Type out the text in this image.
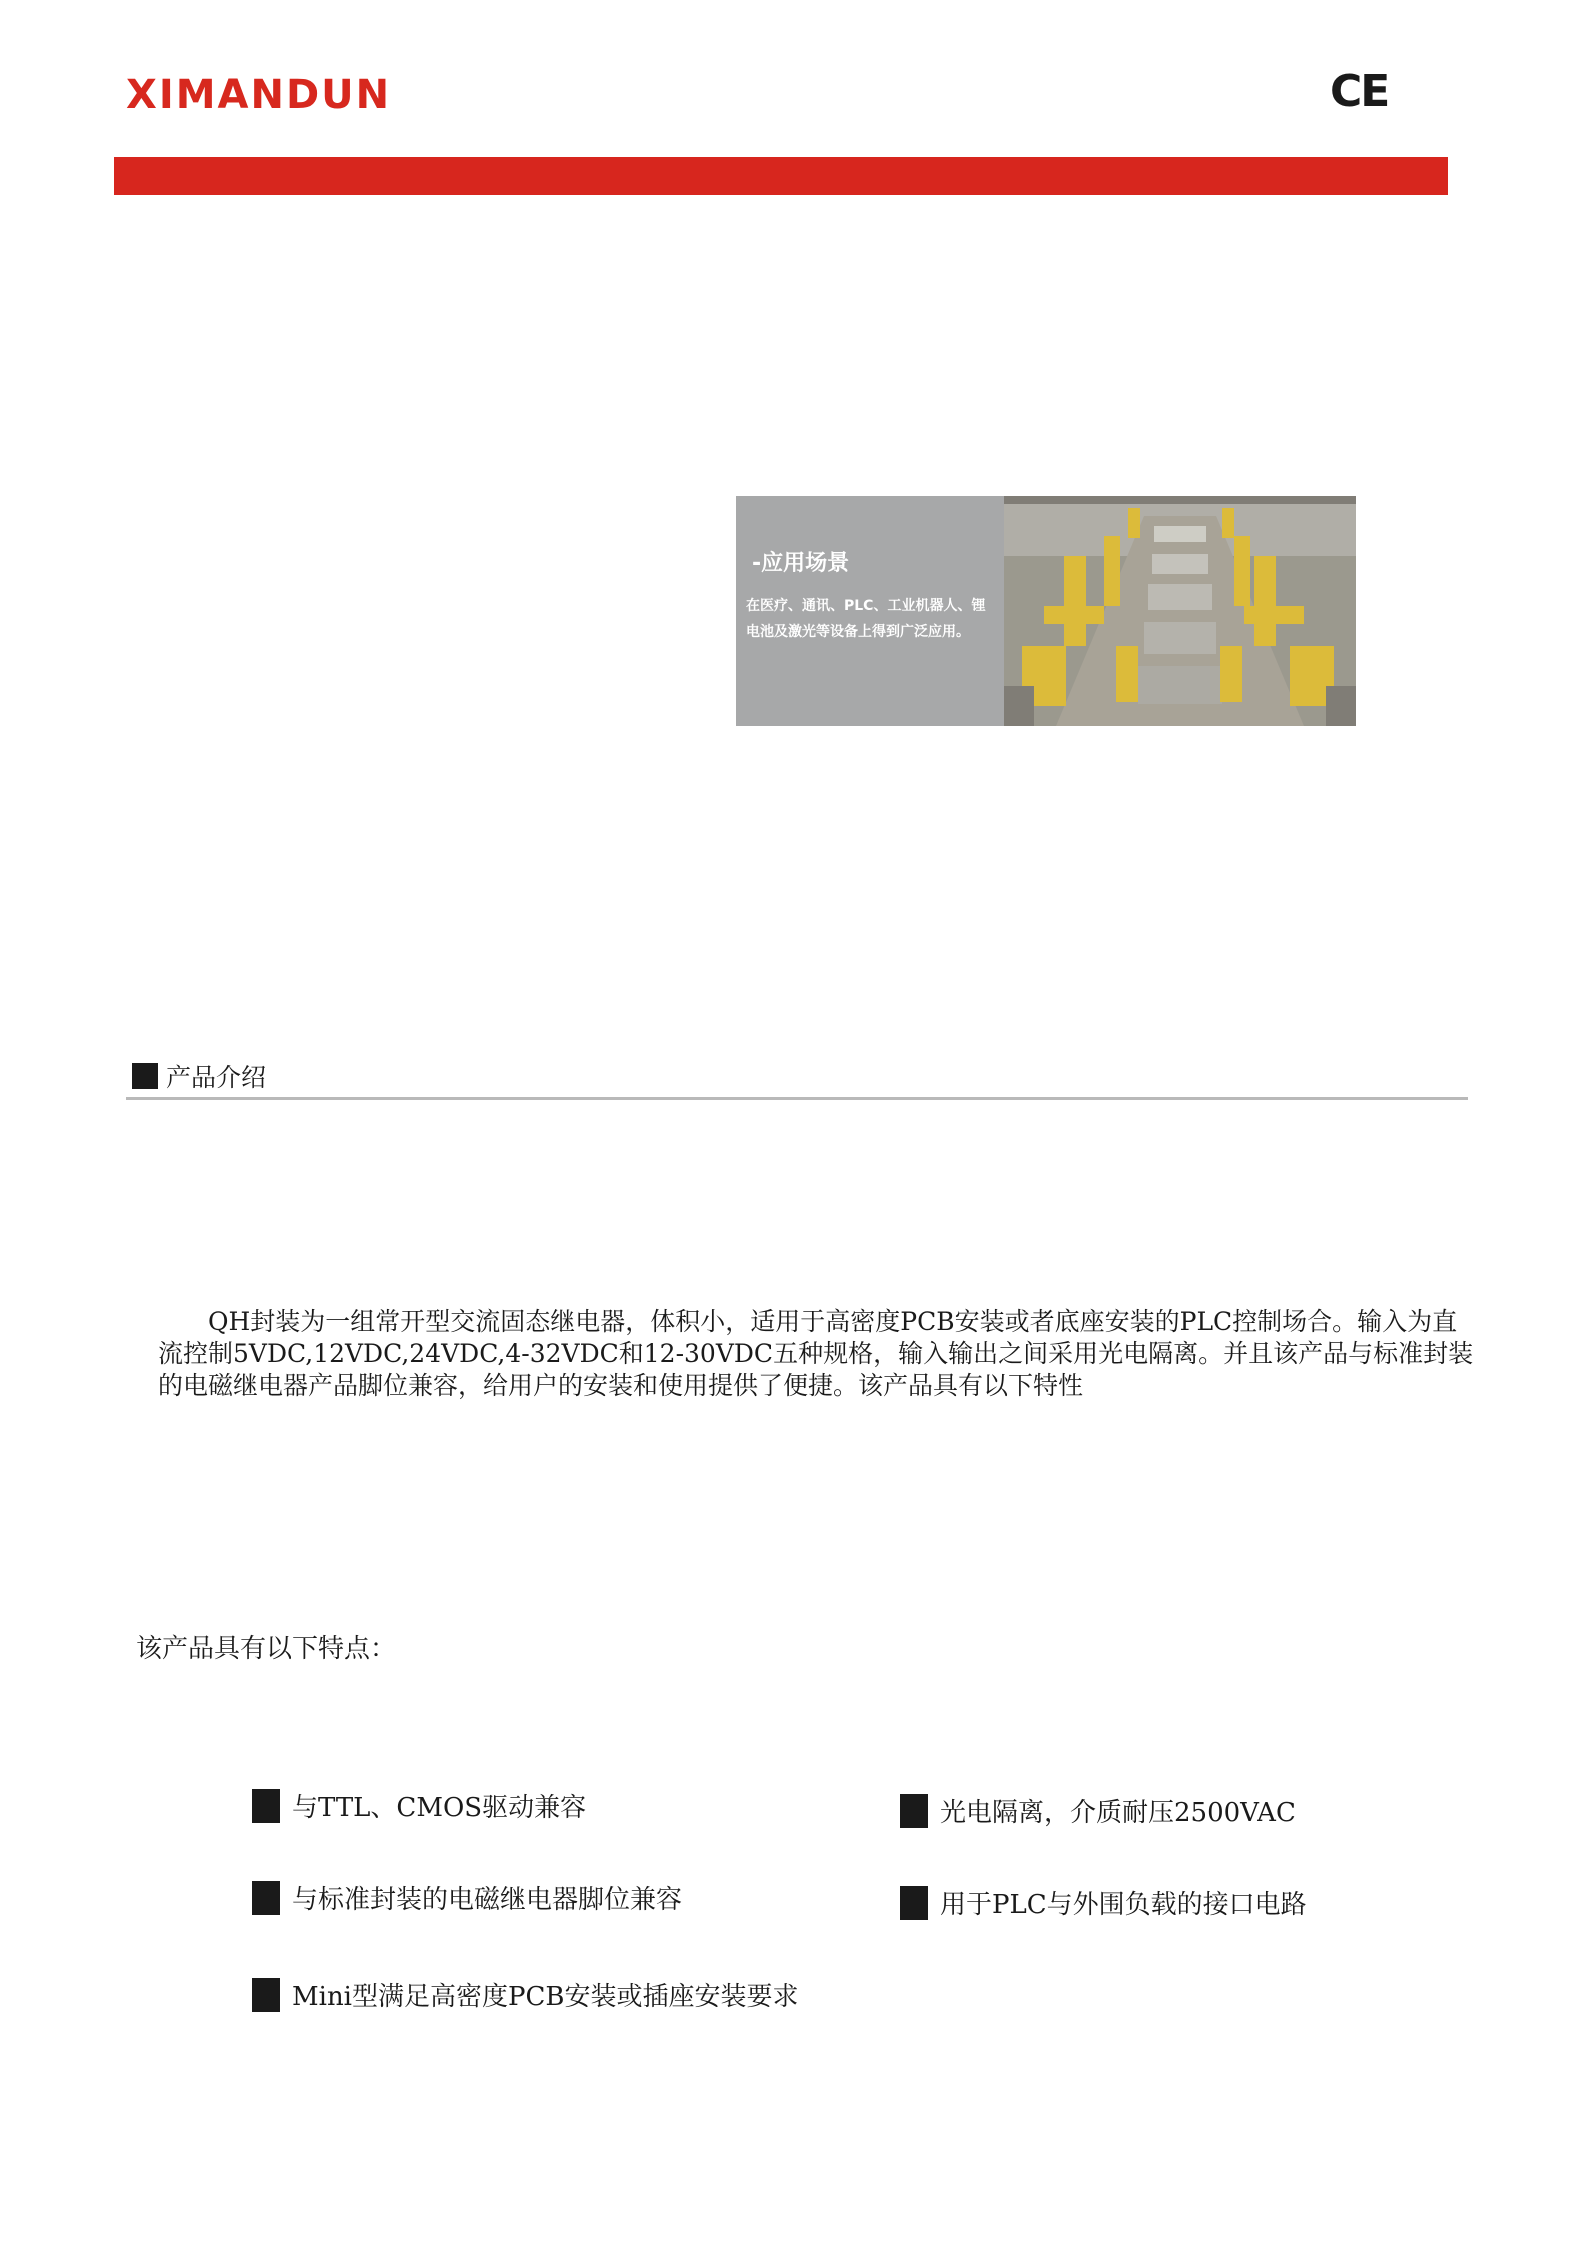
XIMANDUN	CE
-应用场景
在医疗、通讯、PLC、工业机器人、锂电池及激光等设备上得到广泛应用。
产品介绍

QH封装为一组常开型交流固态继电器，体积小，适用于高密度PCB安装或者底座安装的PLC控制场合。输入为直流控制5VDC,12VDC,24VDC,4-32VDC和12-30VDC五种规格，输入输出之间采用光电隔离。并且该产品与标准封装的电磁继电器产品脚位兼容，给用户的安装和使用提供了便捷。该产品具有以下特性

该产品具有以下特点：
与TTL、CMOS驱动兼容	光电隔离，介质耐压2500VAC
与标准封装的电磁继电器脚位兼容	用于PLC与外围负载的接口电路
Mini型满足高密度PCB安装或插座安装要求
